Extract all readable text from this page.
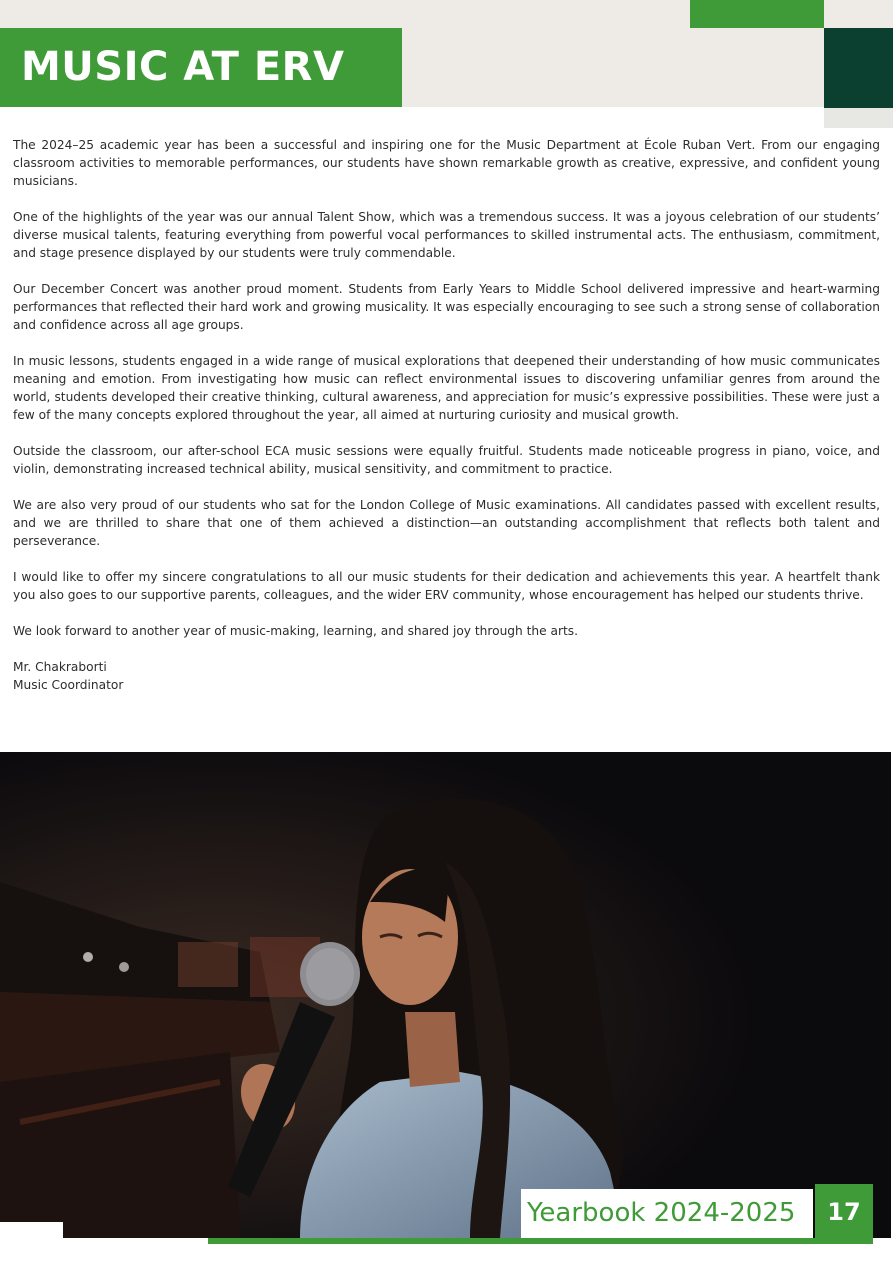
MUSIC AT ERV

The 2024–25 academic year has been a successful and inspiring one for the Music Department at École Ruban Vert. From our engaging classroom activities to memorable performances, our students have shown remarkable growth as creative, expressive, and confident young musicians.

One of the highlights of the year was our annual Talent Show, which was a tremendous success. It was a joyous celebration of our students’ diverse musical talents, featuring everything from powerful vocal performances to skilled instrumental acts. The enthusiasm, commitment, and stage presence displayed by our students were truly commendable.

Our December Concert was another proud moment. Students from Early Years to Middle School delivered impressive and heart-warming performances that reflected their hard work and growing musicality. It was especially encouraging to see such a strong sense of collaboration and confidence across all age groups.

In music lessons, students engaged in a wide range of musical explorations that deepened their understanding of how music communicates meaning and emotion. From investigating how music can reflect environmental issues to discovering unfamiliar genres from around the world, students developed their creative thinking, cultural awareness, and appreciation for music’s expressive possibilities. These were just a few of the many concepts explored throughout the year, all aimed at nurturing curiosity and musical growth.

Outside the classroom, our after-school ECA music sessions were equally fruitful. Students made noticeable progress in piano, voice, and violin, demonstrating increased technical ability, musical sensitivity, and commitment to practice.

We are also very proud of our students who sat for the London College of Music examinations. All candidates passed with excellent results, and we are thrilled to share that one of them achieved a distinction—an outstanding accomplishment that reflects both talent and perseverance.

I would like to offer my sincere congratulations to all our music students for their dedication and achievements this year. A heartfelt thank you also goes to our supportive parents, colleagues, and the wider ERV community, whose encouragement has helped our students thrive.

We look forward to another year of music-making, learning, and shared joy through the arts.

Mr. Chakraborti

Music Coordinator

Yearbook 2024-2025	17
